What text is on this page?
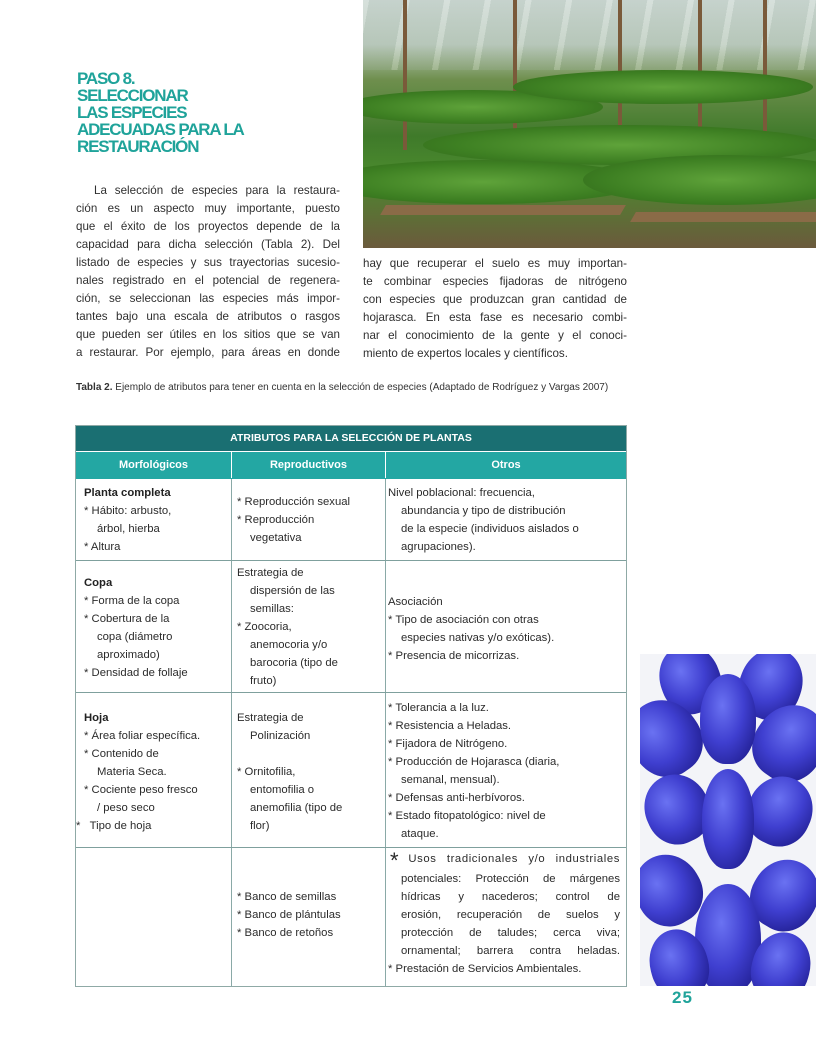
PASO 8.
SELECCIONAR
LAS ESPECIES
ADECUADAS PARA LA
RESTAURACIÓN
La selección de especies para la restaura-
ción es un aspecto muy importante, puesto
que el éxito de los proyectos depende de la
capacidad para dicha selección (Tabla 2). Del
listado de especies y sus trayectorias sucesio-
nales registrado en el potencial de regenera-
ción, se seleccionan las especies más impor-
tantes bajo una escala de atributos o rasgos
que pueden ser útiles en los sitios que se van
a restaurar. Por ejemplo, para áreas en donde
hay que recuperar el suelo es muy importan-
te combinar especies fijadoras de nitrógeno
con especies que produzcan gran cantidad de
hojarasca. En esta fase es necesario combi-
nar el conocimiento de la gente y el conoci-
miento de expertos locales y científicos.
Tabla 2. Ejemplo de atributos para tener en cuenta en la selección de especies (Adaptado de Rodríguez y Vargas 2007)
ATRIBUTOS PARA LA SELECCIÓN DE PLANTAS
Morfológicos	Reproductivos	Otros
Planta completa
* Hábito: arbusto,
árbol, hierba
* Altura
* Reproducción sexual
* Reproducción
vegetativa
Nivel poblacional: frecuencia,
abundancia y tipo de distribución
de la especie (individuos aislados o
agrupaciones).
Copa
* Forma de la copa
* Cobertura de la
copa (diámetro
aproximado)
* Densidad de follaje
Estrategia de
dispersión de las
semillas:
* Zoocoria,
anemocoria y/o
barocoria (tipo de
fruto)
Asociación
* Tipo de asociación con otras
especies nativas y/o exóticas).
* Presencia de micorrizas.
Hoja
* Área foliar específica.
* Contenido de
Materia Seca.
* Cociente peso fresco
/ peso seco
*   Tipo de hoja
Estrategia de
Polinización
* Ornitofilia,
entomofilia o
anemofilia (tipo de
flor)
* Tolerancia a la luz.
* Resistencia a Heladas.
* Fijadora de Nitrógeno.
* Producción de Hojarasca (diaria,
semanal, mensual).
* Defensas anti-herbívoros.
* Estado fitopatológico: nivel de
ataque.
* Banco de semillas
* Banco de plántulas
* Banco de retoños
* Usos tradicionales y/o industriales
potenciales: Protección de márgenes
hídricas y nacederos; control de
erosión, recuperación de suelos y
protección de taludes; cerca viva;
ornamental; barrera contra heladas.
* Prestación de Servicios Ambientales.
25
